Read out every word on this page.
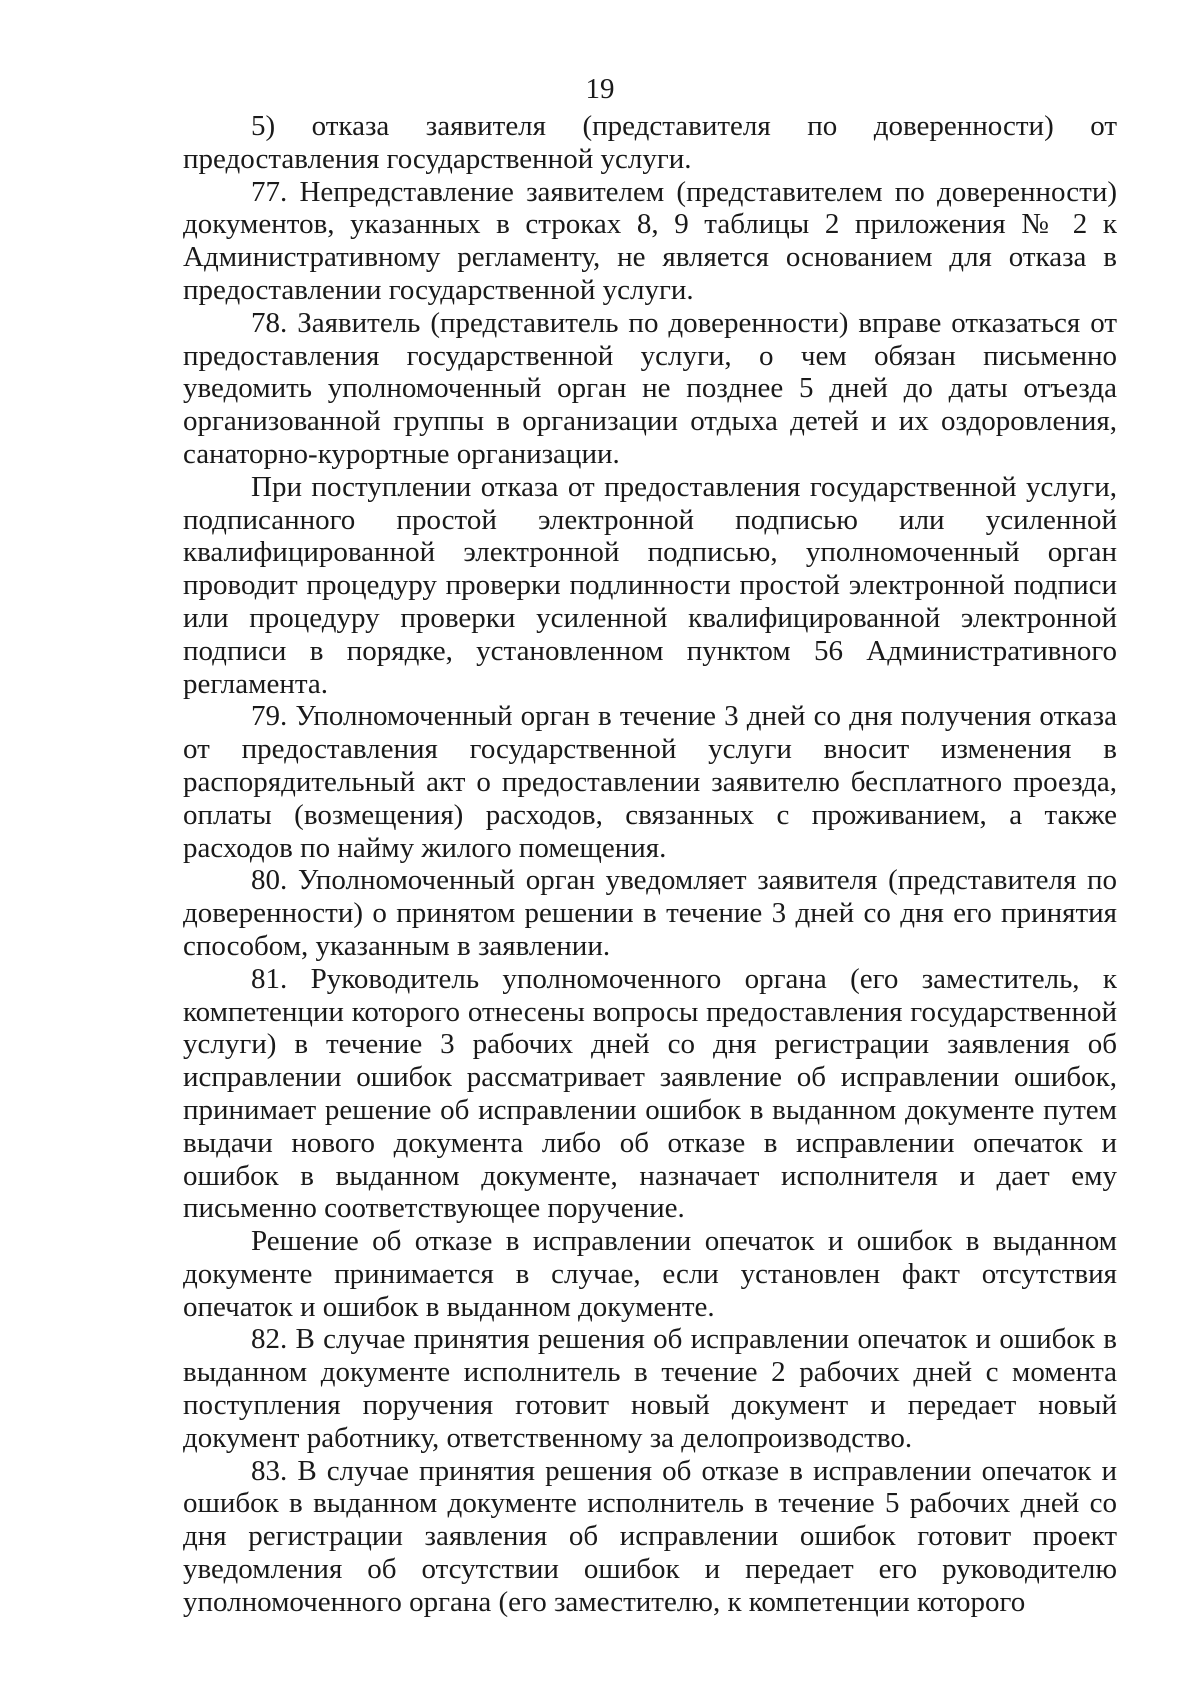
19

5) отказа заявителя (представителя по доверенности) от предоставления государственной услуги.

77. Непредставление заявителем (представителем по доверенности) документов, указанных в строках 8, 9 таблицы 2 приложения № 2 к Административному регламенту, не является основанием для отказа в предоставлении государственной услуги.

78. Заявитель (представитель по доверенности) вправе отказаться от предоставления государственной услуги, о чем обязан письменно уведомить уполномоченный орган не позднее 5 дней до даты отъезда организованной группы в организации отдыха детей и их оздоровления, санаторно-курортные организации.

При поступлении отказа от предоставления государственной услуги, подписанного простой электронной подписью или усиленной квалифицированной электронной подписью, уполномоченный орган проводит процедуру проверки подлинности простой электронной подписи или процедуру проверки усиленной квалифицированной электронной подписи в порядке, установленном пунктом 56 Административного регламента.

79. Уполномоченный орган в течение 3 дней со дня получения отказа от предоставления государственной услуги вносит изменения в распорядительный акт о предоставлении заявителю бесплатного проезда, оплаты (возмещения) расходов, связанных с проживанием, а также расходов по найму жилого помещения.

80. Уполномоченный орган уведомляет заявителя (представителя по доверенности) о принятом решении в течение 3 дней со дня его принятия способом, указанным в заявлении.

81. Руководитель уполномоченного органа (его заместитель, к компетенции которого отнесены вопросы предоставления государственной услуги) в течение 3 рабочих дней со дня регистрации заявления об исправлении ошибок рассматривает заявление об исправлении ошибок, принимает решение об исправлении ошибок в выданном документе путем выдачи нового документа либо об отказе в исправлении опечаток и ошибок в выданном документе, назначает исполнителя и дает ему письменно соответствующее поручение.

Решение об отказе в исправлении опечаток и ошибок в выданном документе принимается в случае, если установлен факт отсутствия опечаток и ошибок в выданном документе.

82. В случае принятия решения об исправлении опечаток и ошибок в выданном документе исполнитель в течение 2 рабочих дней с момента поступления поручения готовит новый документ и передает новый документ работнику, ответственному за делопроизводство.

83. В случае принятия решения об отказе в исправлении опечаток и ошибок в выданном документе исполнитель в течение 5 рабочих дней со дня регистрации заявления об исправлении ошибок готовит проект уведомления об отсутствии ошибок и передает его руководителю уполномоченного органа (его заместителю, к компетенции которого
